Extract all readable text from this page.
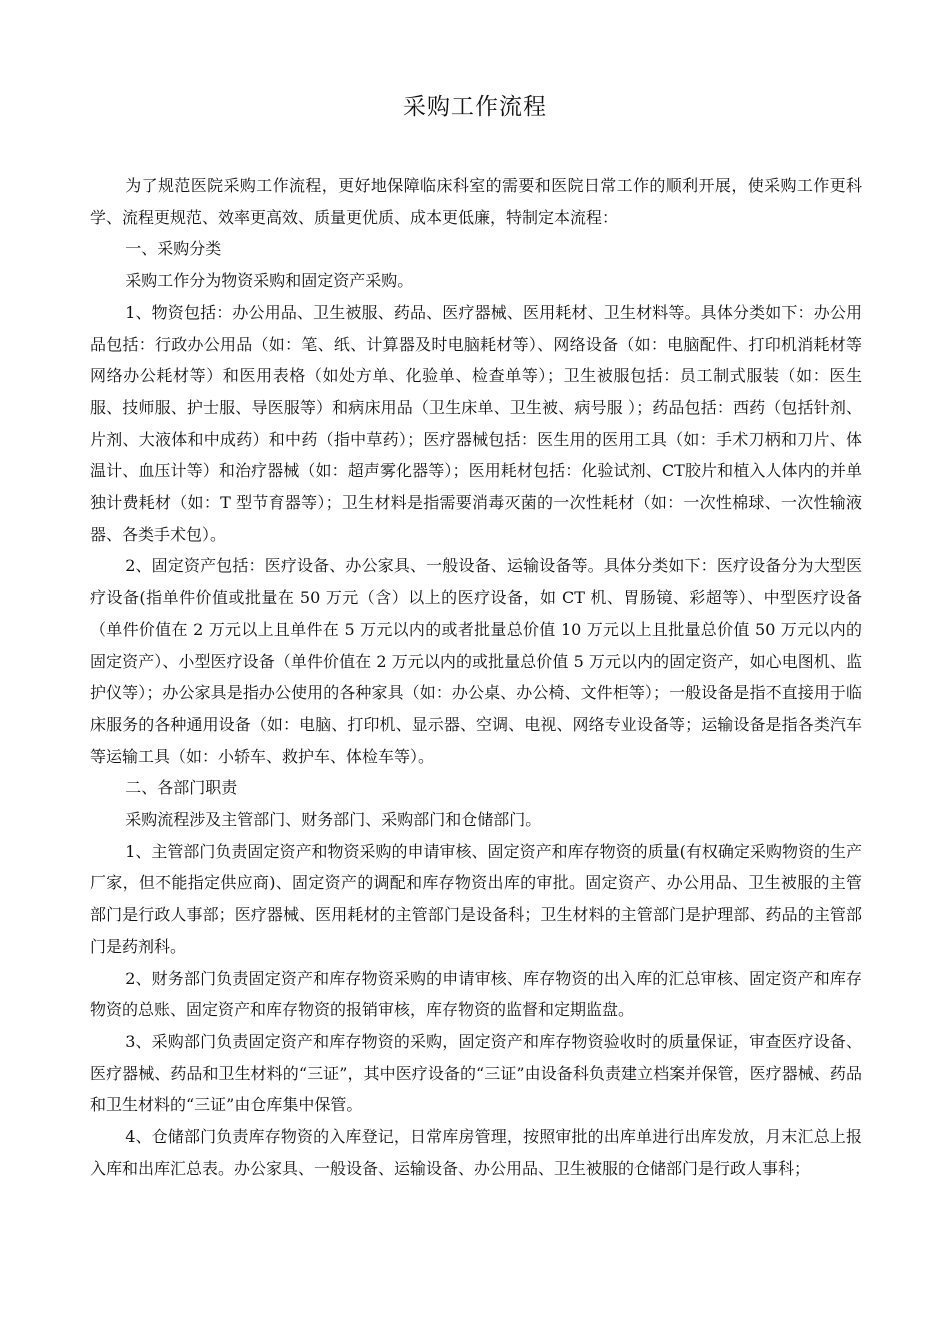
采购工作流程

为了规范医院采购工作流程，更好地保障临床科室的需要和医院日常工作的顺利开展，使采购工作更科学、流程更规范、效率更高效、质量更优质、成本更低廉，特制定本流程：

一、采购分类

采购工作分为物资采购和固定资产采购。

1、物资包括：办公用品、卫生被服、药品、医疗器械、医用耗材、卫生材料等。具体分类如下：办公用品包括：行政办公用品（如：笔、纸、计算器及时电脑耗材等）、网络设备（如：电脑配件、打印机消耗材等网络办公耗材等）和医用表格（如处方单、化验单、检查单等）；卫生被服包括：员工制式服装（如：医生服、技师服、护士服、导医服等）和病床用品（卫生床单、卫生被、病号服 ）；药品包括：西药（包括针剂、片剂、大液体和中成药）和中药（指中草药）；医疗器械包括：医生用的医用工具（如：手术刀柄和刀片、体温计、血压计等）和治疗器械（如：超声雾化器等）；医用耗材包括：化验试剂、CT胶片和植入人体内的并单独计费耗材（如：T 型节育器等）；卫生材料是指需要消毒灭菌的一次性耗材（如：一次性棉球、一次性输液器、各类手术包）。

2、固定资产包括：医疗设备、办公家具、一般设备、运输设备等。具体分类如下：医疗设备分为大型医疗设备(指单件价值或批量在 50 万元（含）以上的医疗设备，如 CT 机、胃肠镜、彩超等）、中型医疗设备（单件价值在 2 万元以上且单件在 5 万元以内的或者批量总价值 10 万元以上且批量总价值 50 万元以内的固定资产）、小型医疗设备（单件价值在 2 万元以内的或批量总价值 5 万元以内的固定资产，如心电图机、监护仪等）；办公家具是指办公使用的各种家具（如：办公桌、办公椅、文件柜等）；一般设备是指不直接用于临床服务的各种通用设备（如：电脑、打印机、显示器、空调、电视、网络专业设备等；运输设备是指各类汽车等运输工具（如：小轿车、救护车、体检车等）。

二、各部门职责

采购流程涉及主管部门、财务部门、采购部门和仓储部门。

1、主管部门负责固定资产和物资采购的申请审核、固定资产和库存物资的质量(有权确定采购物资的生产厂家，但不能指定供应商)、固定资产的调配和库存物资出库的审批。固定资产、办公用品、卫生被服的主管部门是行政人事部；医疗器械、医用耗材的主管部门是设备科；卫生材料的主管部门是护理部、药品的主管部门是药剂科。

2、财务部门负责固定资产和库存物资采购的申请审核、库存物资的出入库的汇总审核、固定资产和库存物资的总账、固定资产和库存物资的报销审核，库存物资的监督和定期监盘。

3、采购部门负责固定资产和库存物资的采购，固定资产和库存物资验收时的质量保证，审查医疗设备、医疗器械、药品和卫生材料的“三证”，其中医疗设备的“三证”由设备科负责建立档案并保管，医疗器械、药品和卫生材料的“三证”由仓库集中保管。

4、仓储部门负责库存物资的入库登记，日常库房管理，按照审批的出库单进行出库发放，月末汇总上报入库和出库汇总表。办公家具、一般设备、运输设备、办公用品、卫生被服的仓储部门是行政人事科；
